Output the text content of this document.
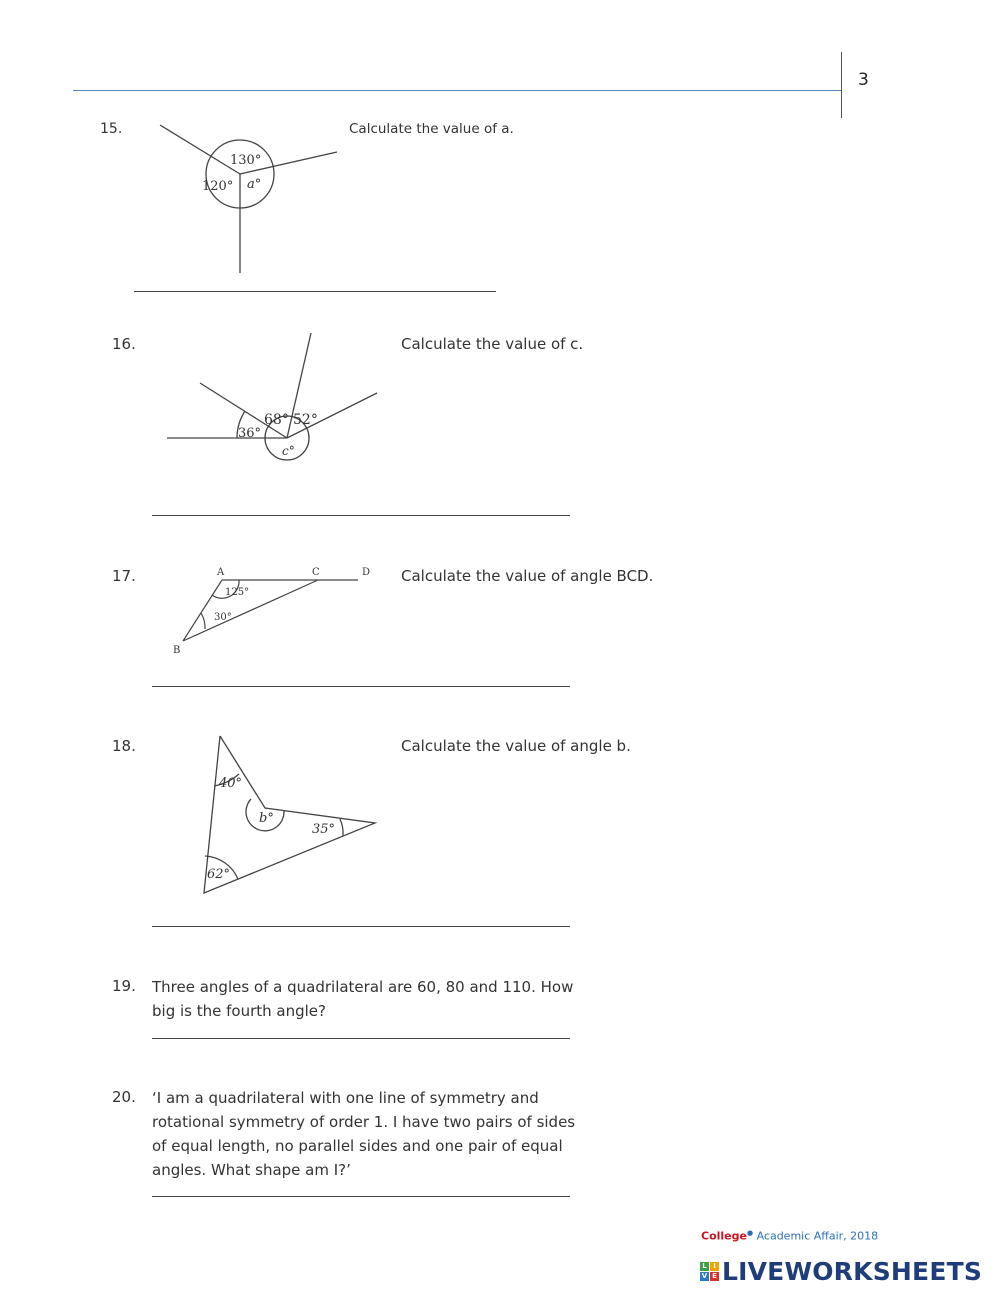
3
15.
130°
120° a°
Calculate the value of a.
16.
36°
68° 52°
c°
Calculate the value of c.
17.	A	C	D
B
125°
30°
Calculate the value of angle BCD.
18.
40°
b°
35°
62°
Calculate the value of angle b.
19. Three angles of a quadrilateral are 60, 80 and 110. How
big is the fourth angle?
20. ‘I am a quadrilateral with one line of symmetry and
rotational symmetry of order 1. I have two pairs of sides
of equal length, no parallel sides and one pair of equal
angles. What shape am I?’
College● Academic Affair, 2018
L I
V E LIVEWORKSHEETS
